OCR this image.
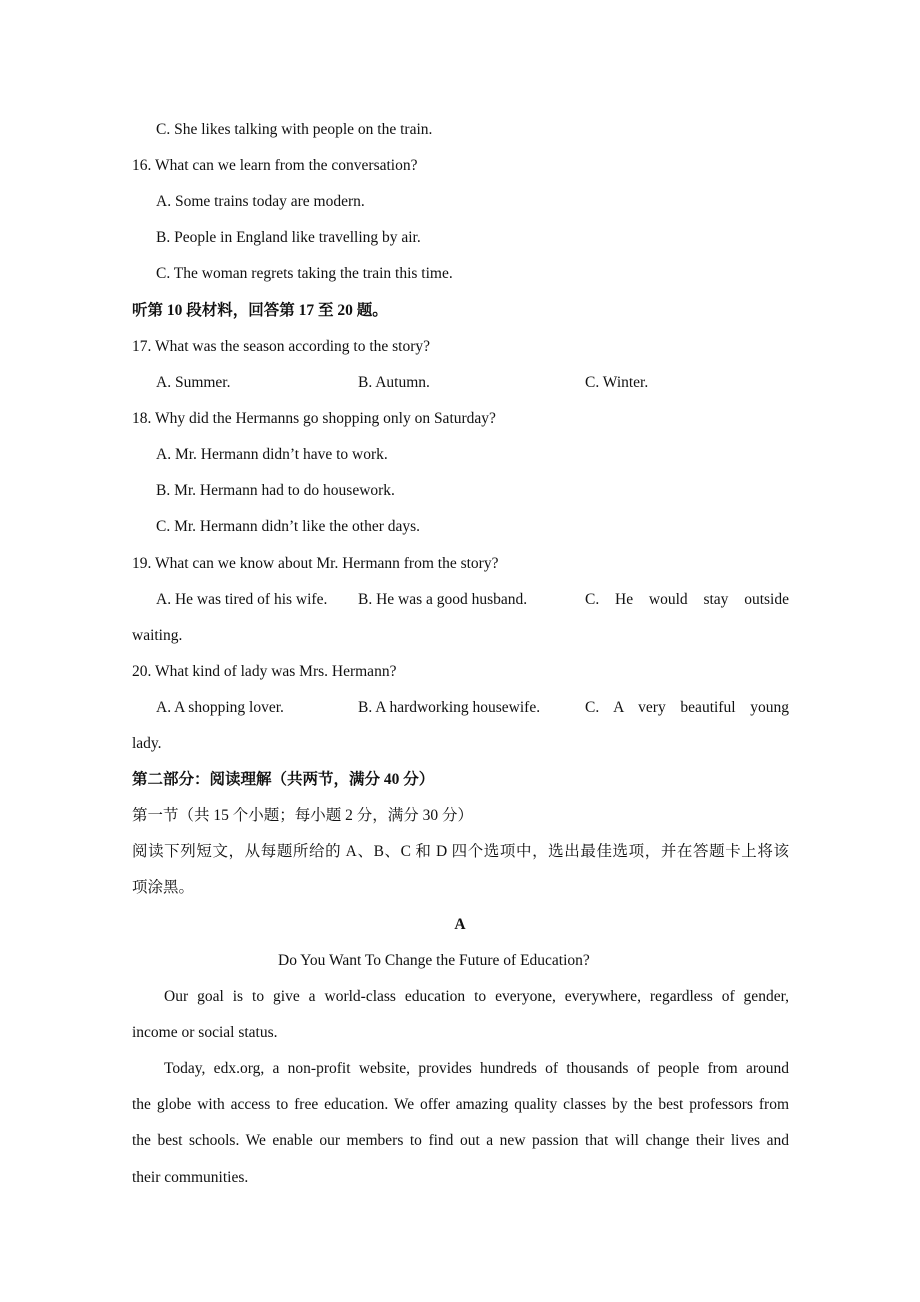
C. She likes talking with people on the train.
16. What can we learn from the conversation?
A. Some trains today are modern.
B. People in England like travelling by air.
C. The woman regrets taking the train this time.
听第 10 段材料，回答第 17 至 20 题。
17. What was the season according to the story?
A. Summer.	B. Autumn.	C. Winter.
18. Why did the Hermanns go shopping only on Saturday?
A. Mr. Hermann didn’t have to work.
B. Mr. Hermann had to do housework.
C. Mr. Hermann didn’t like the other days.
19. What can we know about Mr. Hermann from the story?
A. He was tired of his wife. B. He was a good husband.	C. He would stay outside
waiting.
20. What kind of lady was Mrs. Hermann?
A. A shopping lover.	B. A hardworking housewife.	C. A very beautiful young
lady.
第二部分：阅读理解（共两节，满分 40 分）
第一节（共 15 个小题；每小题 2 分，满分 30 分）
阅读下列短文，从每题所给的 A、B、C 和 D 四个选项中，选出最佳选项，并在答题卡上将该
项涂黑。
A
Do You Want To Change the Future of Education?
Our goal is to give a world-class education to everyone, everywhere, regardless of gender,
income or social status.
Today, edx.org, a non-profit website, provides hundreds of thousands of people from around
the globe with access to free education. We offer amazing quality classes by the best professors from
the best schools. We enable our members to find out a new passion that will change their lives and
their communities.
